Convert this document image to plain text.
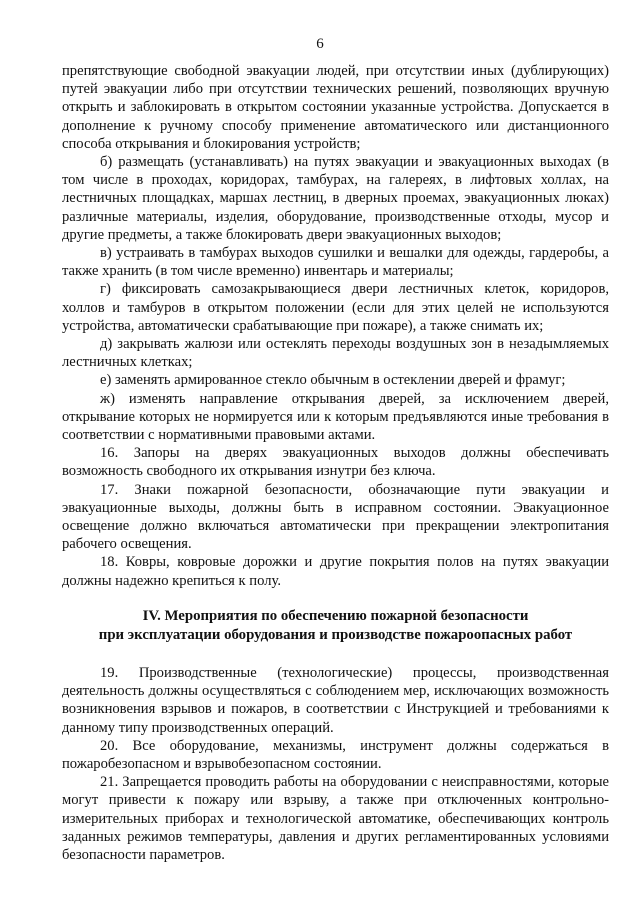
6

препятствующие свободной эвакуации людей, при отсутствии иных (дублирующих) путей эвакуации либо при отсутствии технических решений, позволяющих вручную открыть и заблокировать в открытом состоянии указанные устройства. Допускается в дополнение к ручному способу применение автоматического или дистанционного способа открывания и блокирования устройств;

б) размещать (устанавливать) на путях эвакуации и эвакуационных выходах (в том числе в проходах, коридорах, тамбурах, на галереях, в лифтовых холлах, на лестничных площадках, маршах лестниц, в дверных проемах, эвакуационных люках) различные материалы, изделия, оборудование, производственные отходы, мусор и другие предметы, а также блокировать двери эвакуационных выходов;

в) устраивать в тамбурах выходов сушилки и вешалки для одежды, гардеробы, а также хранить (в том числе временно) инвентарь и материалы;

г) фиксировать самозакрывающиеся двери лестничных клеток, коридоров, холлов и тамбуров в открытом положении (если для этих целей не используются устройства, автоматически срабатывающие при пожаре), а также снимать их;

д) закрывать жалюзи или остеклять переходы воздушных зон в незадымляемых лестничных клетках;

е) заменять армированное стекло обычным в остеклении дверей и фрамуг;

ж) изменять направление открывания дверей, за исключением дверей, открывание которых не нормируется или к которым предъявляются иные требования в соответствии с нормативными правовыми актами.

16. Запоры на дверях эвакуационных выходов должны обеспечивать возможность свободного их открывания изнутри без ключа.

17. Знаки пожарной безопасности, обозначающие пути эвакуации и эвакуационные выходы, должны быть в исправном состоянии. Эвакуационное освещение должно включаться автоматически при прекращении электропитания рабочего освещения.

18. Ковры, ковровые дорожки и другие покрытия полов на путях эвакуации должны надежно крепиться к полу.

IV. Мероприятия по обеспечению пожарной безопасности
при эксплуатации оборудования и производстве пожароопасных работ

19. Производственные (технологические) процессы, производственная деятельность должны осуществляться с соблюдением мер, исключающих возможность возникновения взрывов и пожаров, в соответствии с Инструкцией и требованиями к данному типу производственных операций.

20. Все оборудование, механизмы, инструмент должны содержаться в пожаробезопасном и взрывобезопасном состоянии.

21. Запрещается проводить работы на оборудовании с неисправностями, которые могут привести к пожару или взрыву, а также при отключенных контрольно-измерительных приборах и технологической автоматике, обеспечивающих контроль заданных режимов температуры, давления и других регламентированных условиями безопасности параметров.
